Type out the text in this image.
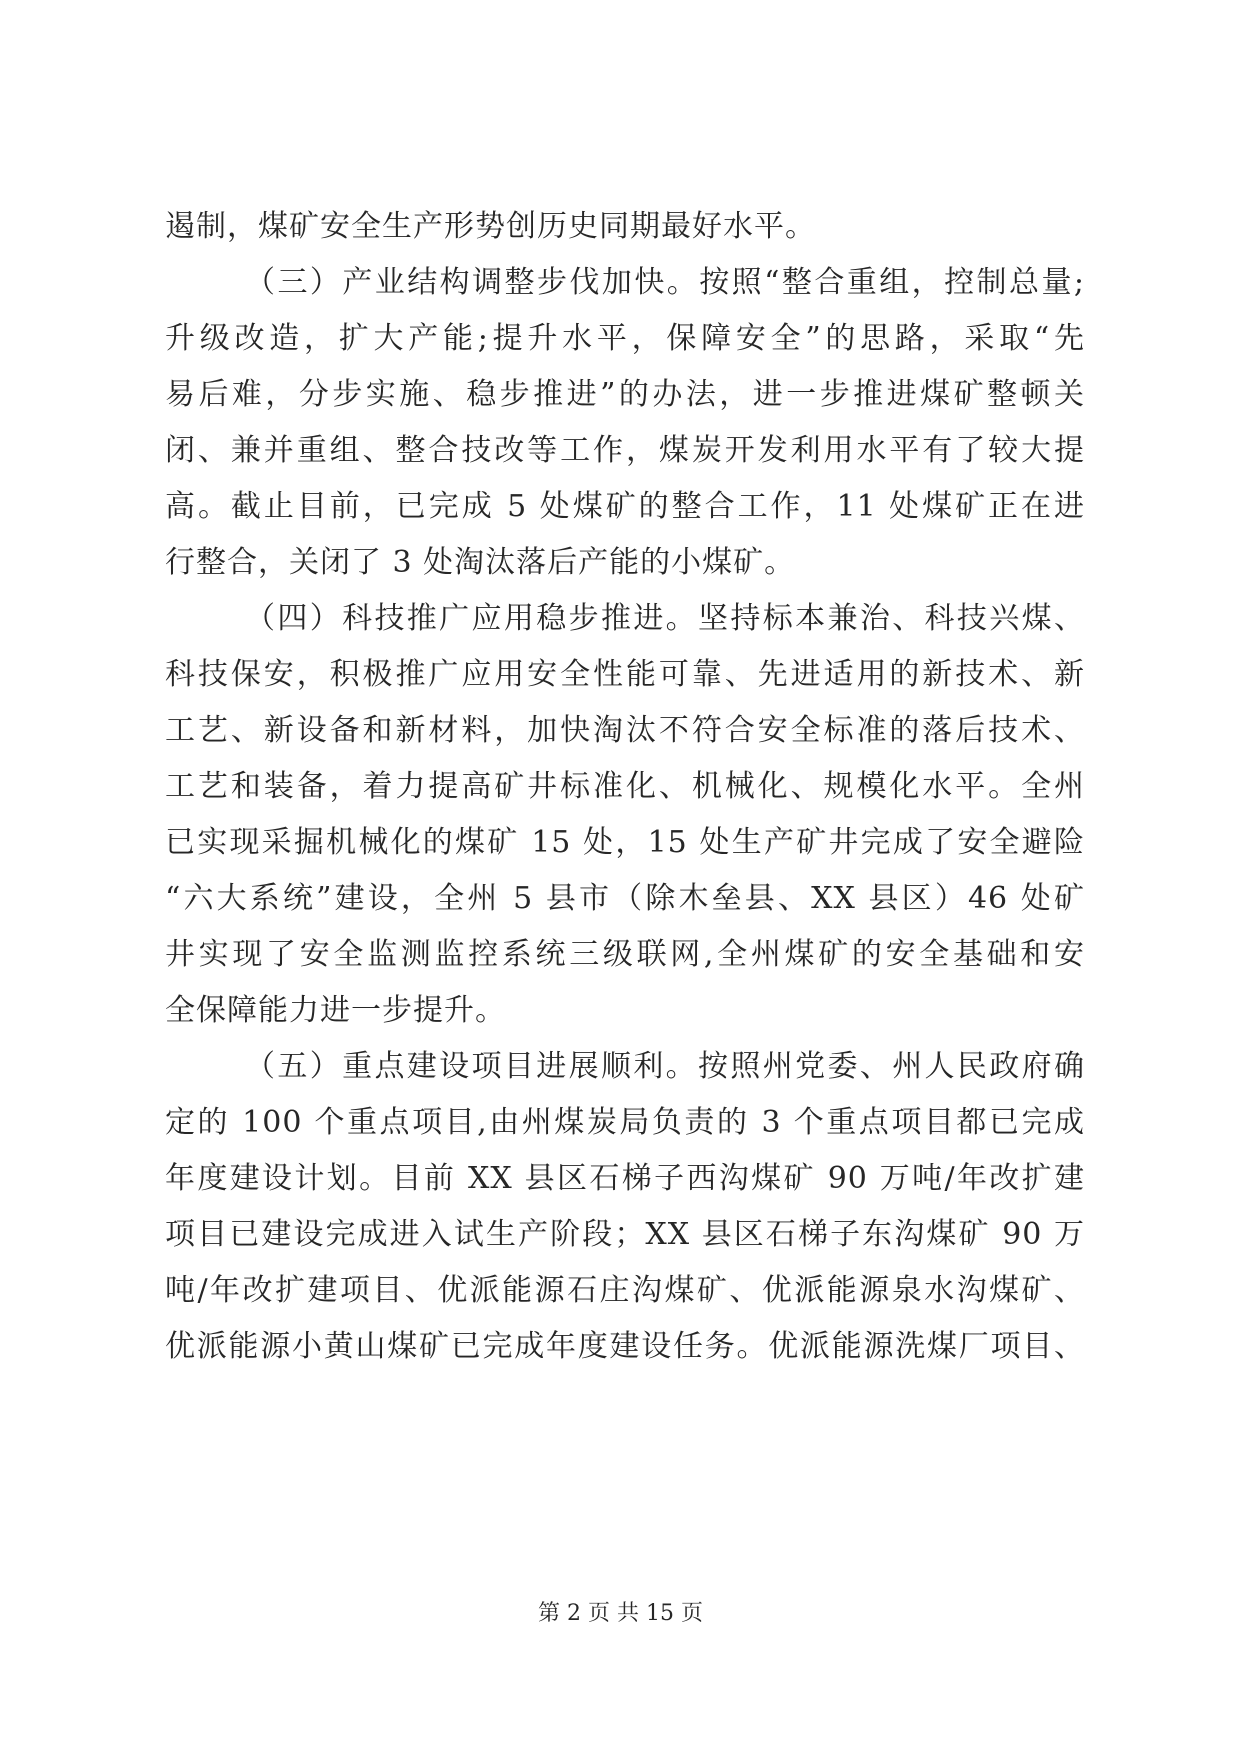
遏制，煤矿安全生产形势创历史同期最好水平。
（三）产业结构调整步伐加快。按照“整合重组，控制总量;
升级改造，扩大产能;提升水平，保障安全”的思路，采取“先
易后难，分步实施、稳步推进”的办法，进一步推进煤矿整顿关
闭、兼并重组、整合技改等工作，煤炭开发利用水平有了较大提
高。截止目前，已完成 5 处煤矿的整合工作，11 处煤矿正在进
行整合，关闭了 3 处淘汰落后产能的小煤矿。
（四）科技推广应用稳步推进。坚持标本兼治、科技兴煤、
科技保安，积极推广应用安全性能可靠、先进适用的新技术、新
工艺、新设备和新材料，加快淘汰不符合安全标准的落后技术、
工艺和装备，着力提高矿井标准化、机械化、规模化水平。全州
已实现采掘机械化的煤矿 15 处，15 处生产矿井完成了安全避险
“六大系统”建设，全州 5 县市（除木垒县、XX 县区）46 处矿
井实现了安全监测监控系统三级联网,全州煤矿的安全基础和安
全保障能力进一步提升。
（五）重点建设项目进展顺利。按照州党委、州人民政府确
定的 100 个重点项目,由州煤炭局负责的 3 个重点项目都已完成
年度建设计划。目前 XX 县区石梯子西沟煤矿 90 万吨/年改扩建
项目已建设完成进入试生产阶段；XX 县区石梯子东沟煤矿 90 万
吨/年改扩建项目、优派能源石庄沟煤矿、优派能源泉水沟煤矿、
优派能源小黄山煤矿已完成年度建设任务。优派能源洗煤厂项目、
第 2 页 共 15 页
